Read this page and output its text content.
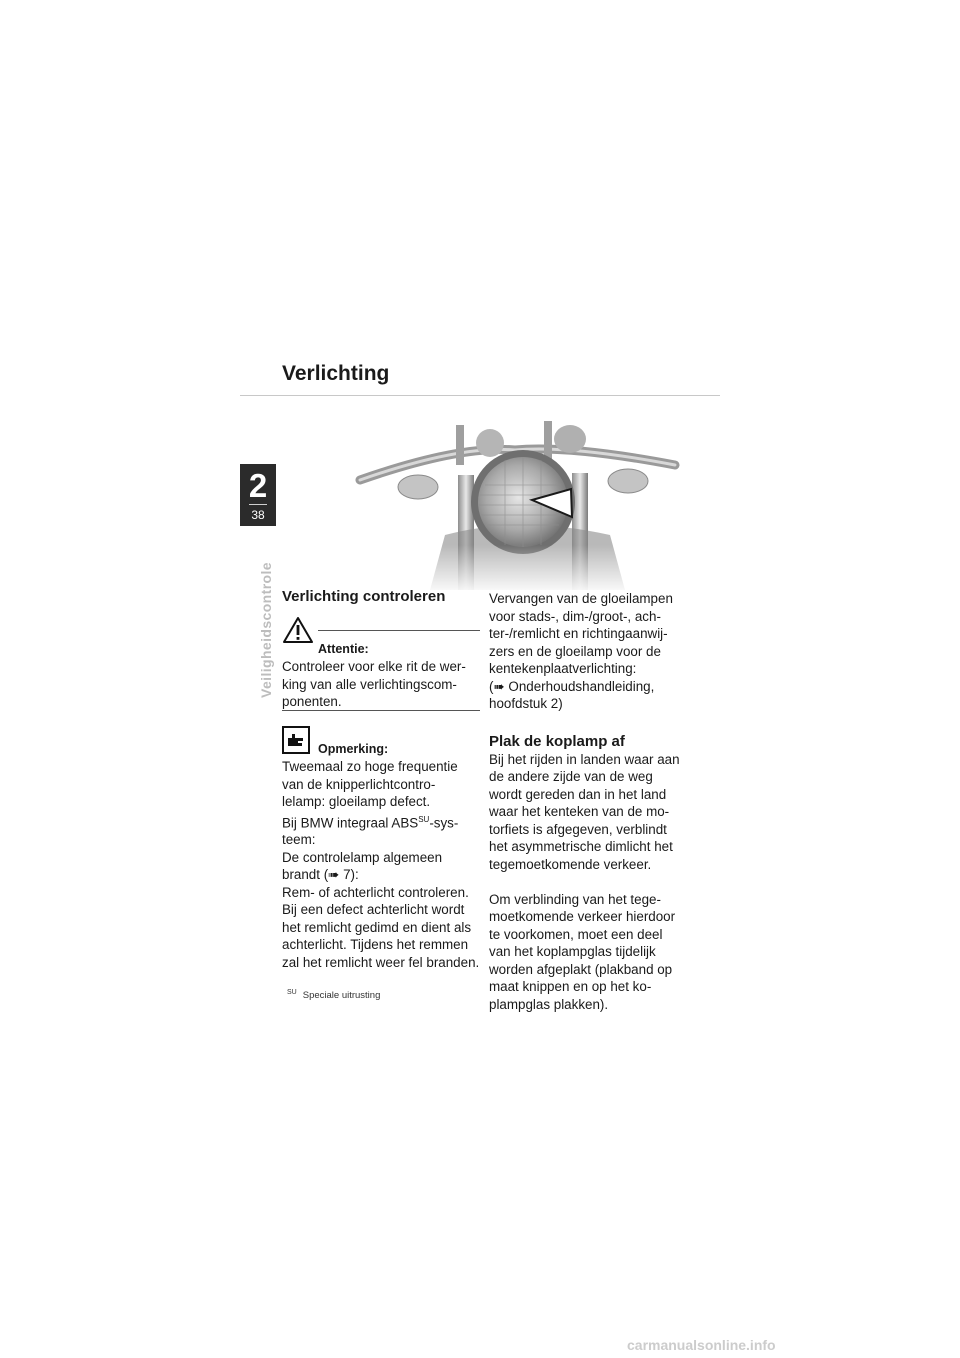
Verlichting
2
38
Veiligheidscontrole Verlichting controleren
Attentie:

Controleer voor elke rit de wer-

king van alle verlichtingscom-

ponenten.

Opmerking:

Tweemaal zo hoge frequentie

van de knipperlichtcontro-

lelamp: gloeilamp defect.

Bij BMW integraal $ABS^{SU}-sys-$

teem:

De controlelamp algemeen

brandt (➠ 7):

Rem- of achterlicht controleren.

Bij een defect achterlicht wordt

het remlicht gedimd en dient als

achterlicht. Tijdens het remmen

zal het remlicht weer fel branden.

$^{SU}$ Speciale uitrusting

Vervangen van de gloeilampen

voor stads-, dim-/groot-, ach-

ter-/remlicht en richtingaanwij-

zers en de gloeilamp voor de

kentekenplaatverlichting:

(➠ Onderhoudshandleiding,

hoofdstuk 2)

Plak de koplamp af

Bij het rijden in landen waar aan

de andere zijde van de weg

wordt gereden dan in het land

waar het kenteken van de mo-

torfiets is afgegeven, verblindt

het asymmetrische dimlicht het

tegemoetkomende verkeer.

Om verblinding van het tege-

moetkomende verkeer hierdoor

te voorkomen, moet een deel

van het koplampglas tijdelijk

worden afgeplakt (plakband op

maat knippen en op het ko-

plampglas plakken).

carmanualsonline.info
